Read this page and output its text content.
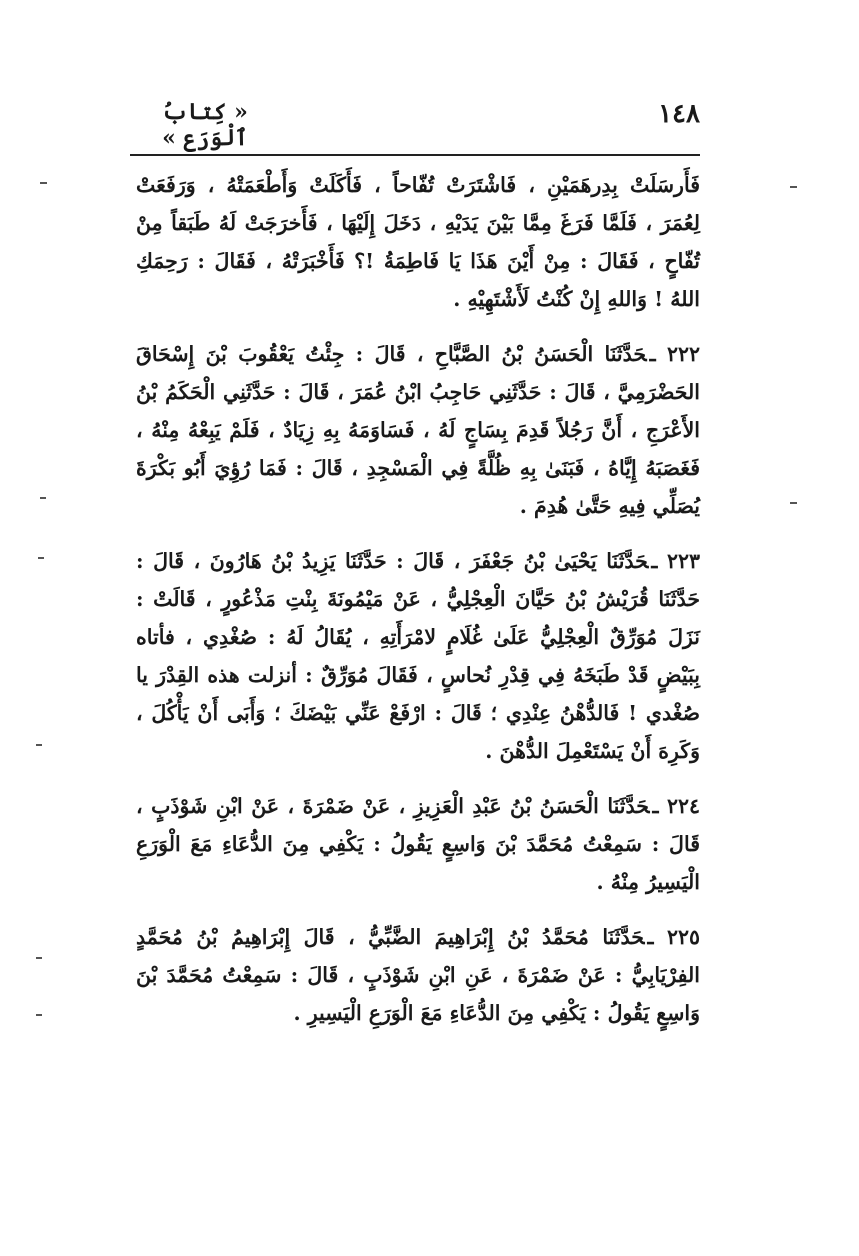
١٤٨
« كِتابُ ٱلْوَرَع »

فَأَرسَلَتْ بِدِرهَمَيْنِ ، فَاشْتَرَتْ تُفّاحاً ، فَأَكَلَتْ وَأَطْعَمَتْهُ ، وَرَفَعَتْ لِعُمَرَ ، فَلَمَّا فَرَغَ مِمَّا بَيْنَ يَدَيْهِ ، دَخَلَ إِلَيْهَا ، فَأَخرَجَتْ لَهُ طَبَقاً مِنْ تُفّاحٍ ، فَقَالَ : مِنْ أَيْنَ هَذَا يَا فَاطِمَةُ !؟ فَأَخْبَرَتْهُ ، فَقَالَ : رَحِمَكِ اللهُ ! وَاللهِ إِنْ كُنْتُ لَأَشْتَهِيْهِ .

٢٢٢ ـحَدَّثَنَا الْحَسَنُ بْنُ الصَّبَّاحِ ، قَالَ : جِئْتُ يَعْقُوبَ بْنَ إِسْحَاقَ الحَضْرَمِيَّ ، قَالَ : حَدَّثَنِي حَاجِبُ ابْنُ عُمَرَ ، قَالَ : حَدَّثَنِي الْحَكَمُ بْنُ الأَعْرَجِ ، أَنَّ رَجُلاً قَدِمَ بِسَاجٍ لَهُ ، فَسَاوَمَهُ بِهِ زِيَادٌ ، فَلَمْ يَبِعْهُ مِنْهُ ، فَغَصَبَهُ إِيَّاهُ ، فَبَنَىٰ بِهِ ظُلَّةً فِي الْمَسْجِدِ ، قَالَ : فَمَا رُؤِيَ أَبُو بَكْرَةَ يُصَلِّي فِيهِ حَتَّىٰ هُدِمَ .

٢٢٣ ـحَدَّثَنَا يَحْيَىٰ بْنُ جَعْفَرَ ، قَالَ : حَدَّثَنَا يَزِيدُ بْنُ هَارُونَ ، قَالَ : حَدَّثَنَا قُرَيْشُ بْنُ حَيَّانَ الْعِجْلِيُّ ، عَنْ مَيْمُونَةَ بِنْتِ مَذْعُورٍ ، قَالَتْ : نَزَلَ مُوَرِّقٌ الْعِجْلِيُّ عَلَىٰ غُلَامٍ لامْرَأَتِهِ ، يُقَالُ لَهُ : صُغْدِي ، فأتاه بِبَيْضٍ قَدْ طَبَخَهُ فِي قِدْرِ نُحاسٍ ، فَقَالَ مُوَرِّقٌ : أنزلت هذه القِدْرَ يا صُغْدي ! فَالدُّهْنُ عِنْدِي ؛ قَالَ : ارْفَعْ عَنِّي بَيْضَكَ ؛ وَأَبَى أَنْ يَأْكُلَ ، وَكَرِهَ أَنْ يَسْتَعْمِلَ الدُّهْنَ .

٢٢٤ ـحَدَّثَنَا الْحَسَنُ بْنُ عَبْدِ الْعَزِيزِ ، عَنْ ضَمْرَةَ ، عَنْ ابْنِ شَوْذَبٍ ، قَالَ : سَمِعْتُ مُحَمَّدَ بْنَ وَاسِعٍ يَقُولُ : يَكْفِي مِنَ الدُّعَاءِ مَعَ الْوَرَعِ الْيَسِيرُ مِنْهُ .

٢٢٥ ـحَدَّثَنَا مُحَمَّدُ بْنُ إِبْرَاهِيمَ الضَّبِّيُّ ، قَالَ إِبْرَاهِيمُ بْنُ مُحَمَّدٍ الفِرْيَابِيُّ : عَنْ ضَمْرَةَ ، عَنِ ابْنِ شَوْذَبٍ ، قَالَ : سَمِعْتُ مُحَمَّدَ بْنَ وَاسِعٍ يَقُولُ : يَكْفِي مِنَ الدُّعَاءِ مَعَ الْوَرَعِ الْيَسِيرِ .
